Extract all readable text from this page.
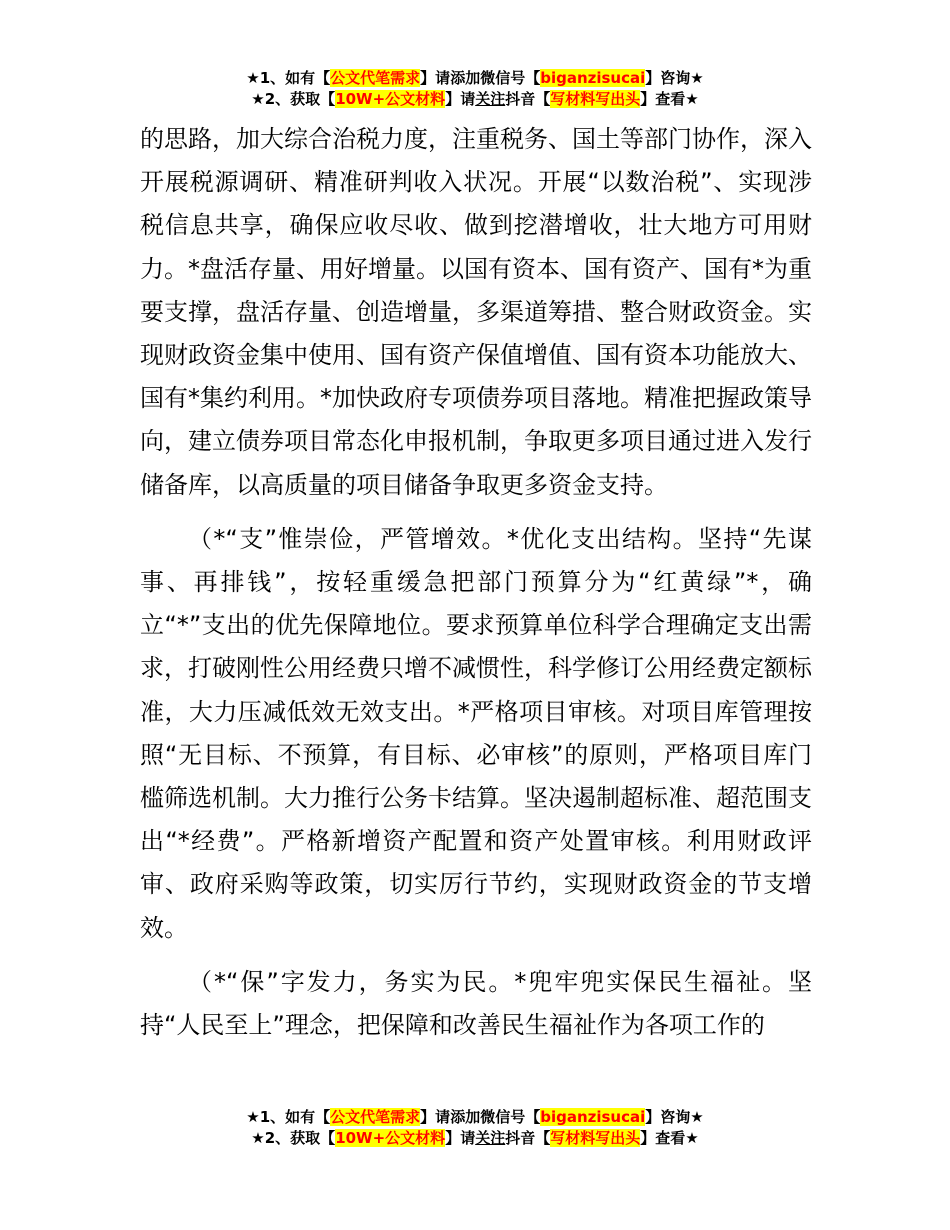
★1、如有【公文代笔需求】请添加微信号【biganzisucai】咨询★
★2、获取【10W+公文材料】请关注抖音【写材料写出头】查看★

的思路，加大综合治税力度，注重税务、国土等部门协作，深入开展税源调研、精准研判收入状况。开展“以数治税”、实现涉税信息共享，确保应收尽收、做到挖潜增收，壮大地方可用财力。*盘活存量、用好增量。以国有资本、国有资产、国有*为重要支撑，盘活存量、创造增量，多渠道筹措、整合财政资金。实现财政资金集中使用、国有资产保值增值、国有资本功能放大、国有*集约利用。*加快政府专项债券项目落地。精准把握政策导向，建立债券项目常态化申报机制，争取更多项目通过进入发行储备库，以高质量的项目储备争取更多资金支持。

（*“支”惟崇俭，严管增效。*优化支出结构。坚持“先谋事、再排钱”，按轻重缓急把部门预算分为“红黄绿”*，确立“*”支出的优先保障地位。要求预算单位科学合理确定支出需求，打破刚性公用经费只增不减惯性，科学修订公用经费定额标准，大力压减低效无效支出。*严格项目审核。对项目库管理按照“无目标、不预算，有目标、必审核”的原则，严格项目库门槛筛选机制。大力推行公务卡结算。坚决遏制超标准、超范围支出“*经费”。严格新增资产配置和资产处置审核。利用财政评审、政府采购等政策，切实厉行节约，实现财政资金的节支增效。

（*“保”字发力，务实为民。*兜牢兜实保民生福祉。坚持“人民至上”理念，把保障和改善民生福祉作为各项工作的

★1、如有【公文代笔需求】请添加微信号【biganzisucai】咨询★
★2、获取【10W+公文材料】请关注抖音【写材料写出头】查看★
